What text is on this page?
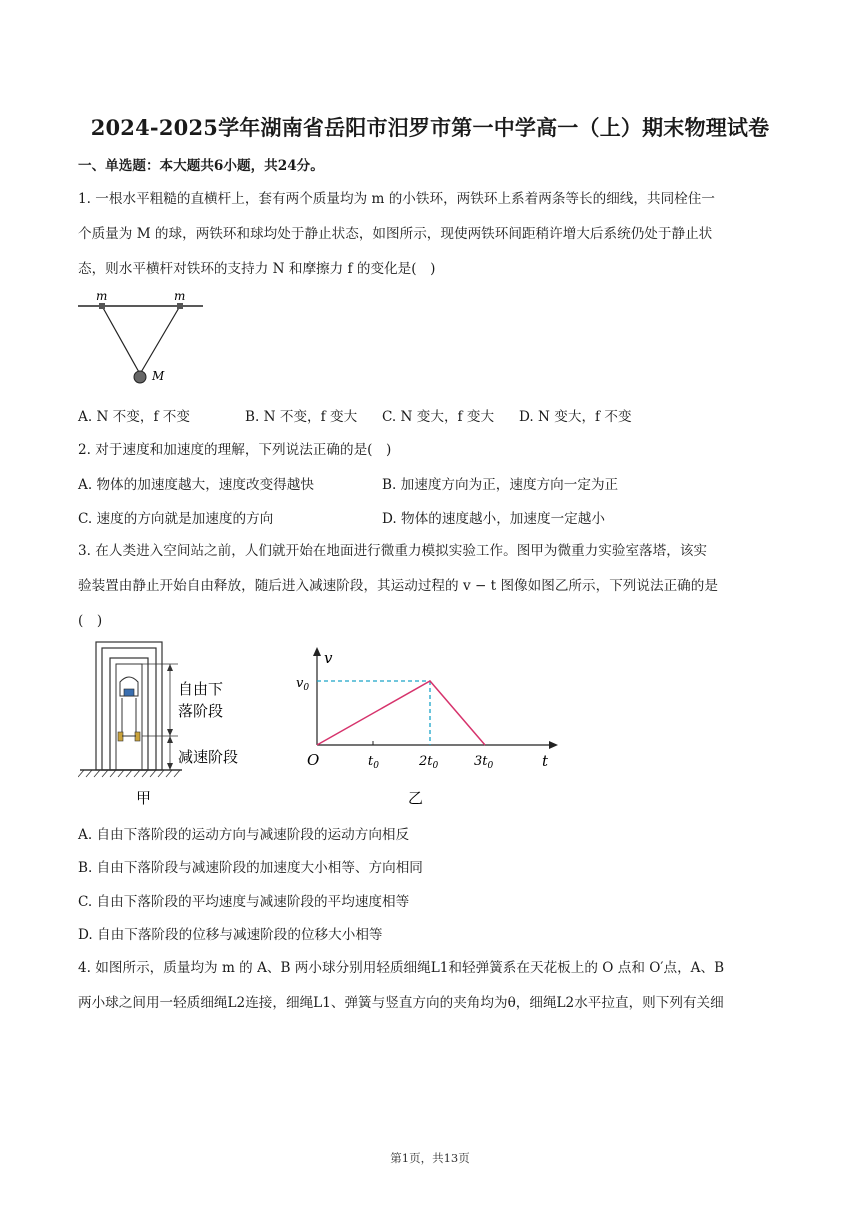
2024-2025学年湖南省岳阳市汨罗市第一中学高一（上）期末物理试卷
一、单选题：本大题共6小题，共24分。
1. 一根水平粗糙的直横杆上，套有两个质量均为 m 的小铁环，两铁环上系着两条等长的细线，共同栓住一
个质量为 M 的球，两铁环和球均处于静止状态，如图所示，现使两铁环间距稍许增大后系统仍处于静止状
态，则水平横杆对铁环的支持力 N 和摩擦力 f 的变化是(　)
m	m
M
A. N 不变，f 不变	B. N 不变，f 变大 C. N 变大，f 变大 D. N 变大，f 不变
2. 对于速度和加速度的理解，下列说法正确的是(　)
A. 物体的加速度越大，速度改变得越快	B. 加速度方向为正，速度方向一定为正
C. 速度的方向就是加速度的方向	D. 物体的速度越小，加速度一定越小
3. 在人类进入空间站之前，人们就开始在地面进行微重力模拟实验工作。图甲为微重力实验室落塔，该实
验装置由静止开始自由释放，随后进入减速阶段，其运动过程的 v − t 图像如图乙所示，下列说法正确的是
(　)
自由下
落阶段
减速阶段
甲
v
t
$v_0$
O	$t_0$	$2t_0$	$3t_0$
乙
A. 自由下落阶段的运动方向与减速阶段的运动方向相反
B. 自由下落阶段与减速阶段的加速度大小相等、方向相同
C. 自由下落阶段的平均速度与减速阶段的平均速度相等
D. 自由下落阶段的位移与减速阶段的位移大小相等
4. 如图所示，质量均为 m 的 A、B 两小球分别用轻质细绳L1和轻弹簧系在天花板上的 O 点和 O′点，A、B
两小球之间用一轻质细绳L2连接，细绳L1、弹簧与竖直方向的夹角均为θ，细绳L2水平拉直，则下列有关细
第1页，共13页
